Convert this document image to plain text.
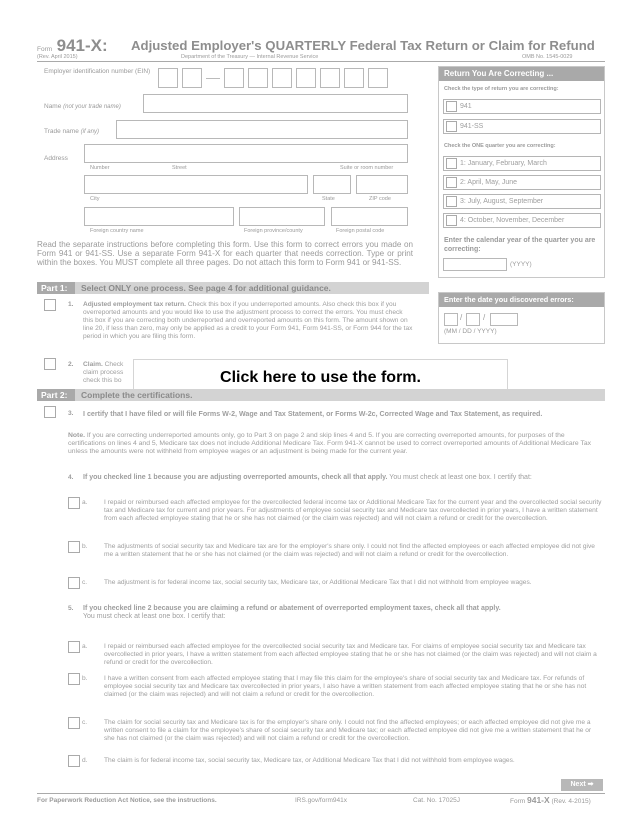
Form 941-X:
(Rev. April 2015)
Adjusted Employer's QUARTERLY Federal Tax Return or Claim for Refund
Department of the Treasury — Internal Revenue Service	OMB No. 1545-0029
Employer identification number (EIN)
Name (not your trade name)
Trade name (if any)
Address
Number	Street	Suite or room number
City	State	ZIP code
Foreign country name	Foreign province/county	Foreign postal code
Read the separate instructions before completing this form. Use this form to correct errors you made on Form 941 or 941-SS. Use a separate Form 941-X for each quarter that needs correction. Type or print within the boxes. You MUST complete all three pages. Do not attach this form to Form 941 or 941-SS.
Return You Are Correcting ...
Check the type of return you are correcting:
941
941-SS
Check the ONE quarter you are correcting:
1: January, February, March
2: April, May, June
3: July, August, September
4: October, November, December
Enter the calendar year of the quarter you are correcting:
(YYYY)
Enter the date you discovered errors:
/	/
(MM / DD / YYYY)
Part 1:	Select ONLY one process. See page 4 for additional guidance.
1. Adjusted employment tax return. Check this box if you underreported amounts. Also check this box if you overreported amounts and you would like to use the adjustment process to correct the errors. You must check this box if you are correcting both underreported and overreported amounts on this form. The amount shown on line 20, if less than zero, may only be applied as a credit to your Form 941, Form 941-SS, or Form 944 for the tax period in which you are filing this form.
2. Claim. Check
claim process
check this bo	Click here to use the form.
Part 2:	Complete the certifications.
3. I certify that I have filed or will file Forms W-2, Wage and Tax Statement, or Forms W-2c, Corrected Wage and Tax Statement, as required.
Note. If you are correcting underreported amounts only, go to Part 3 on page 2 and skip lines 4 and 5. If you are correcting overreported amounts, for purposes of the certifications on lines 4 and 5, Medicare tax does not include Additional Medicare Tax. Form 941-X cannot be used to correct overreported amounts of Additional Medicare Tax unless the amounts were not withheld from employee wages or an adjustment is being made for the current year.
4. If you checked line 1 because you are adjusting overreported amounts, check all that apply. You must check at least one box. I certify that:
a.	I repaid or reimbursed each affected employee for the overcollected federal income tax or Additional Medicare Tax for the current year and the overcollected social security tax and Medicare tax for current and prior years. For adjustments of employee social security tax and Medicare tax overcollected in prior years, I have a written statement from each affected employee stating that he or she has not claimed (or the claim was rejected) and will not claim a refund or credit for the overcollection.
b.	The adjustments of social security tax and Medicare tax are for the employer's share only. I could not find the affected employees or each affected employee did not give me a written statement that he or she has not claimed (or the claim was rejected) and will not claim a refund or credit for the overcollection.
c.	The adjustment is for federal income tax, social security tax, Medicare tax, or Additional Medicare Tax that I did not withhold from employee wages.
5. If you checked line 2 because you are claiming a refund or abatement of overreported employment taxes, check all that apply.
You must check at least one box. I certify that:
a.	I repaid or reimbursed each affected employee for the overcollected social security tax and Medicare tax. For claims of employee social security tax and Medicare tax overcollected in prior years, I have a written statement from each affected employee stating that he or she has not claimed (or the claim was rejected) and will not claim a refund or credit for the overcollection.
b.	I have a written consent from each affected employee stating that I may file this claim for the employee's share of social security tax and Medicare tax. For refunds of employee social security tax and Medicare tax overcollected in prior years, I also have a written statement from each affected employee stating that he or she has not claimed (or the claim was rejected) and will not claim a refund or credit for the overcollection.
c.	The claim for social security tax and Medicare tax is for the employer's share only. I could not find the affected employees; or each affected employee did not give me a written consent to file a claim for the employee's share of social security tax and Medicare tax; or each affected employee did not give me a written statement that he or she has not claimed (or the claim was rejected) and will not claim a refund or credit for the overcollection.
d.	The claim is for federal income tax, social security tax, Medicare tax, or Additional Medicare Tax that I did not withhold from employee wages.
Next ➡
For Paperwork Reduction Act Notice, see the instructions.	IRS.gov/form941x	Cat. No. 17025J	Form 941-X (Rev. 4-2015)
